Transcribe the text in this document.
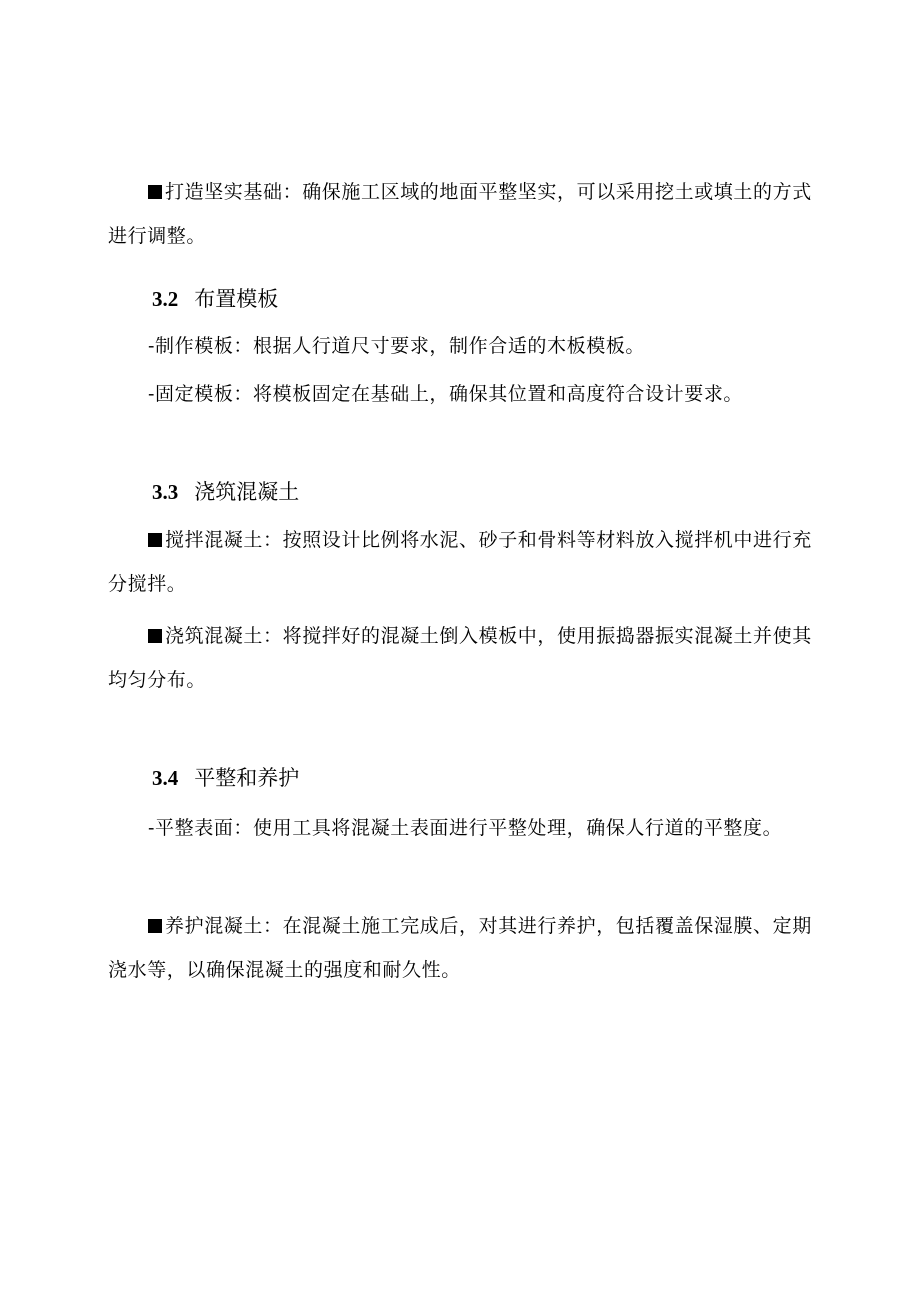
打造坚实基础：确保施工区域的地面平整坚实，可以采用挖土或填土的方式进行调整。

3.2 布置模板

-制作模板：根据人行道尺寸要求，制作合适的木板模板。

-固定模板：将模板固定在基础上，确保其位置和高度符合设计要求。

3.3 浇筑混凝土

搅拌混凝土：按照设计比例将水泥、砂子和骨料等材料放入搅拌机中进行充分搅拌。

浇筑混凝土：将搅拌好的混凝土倒入模板中，使用振捣器振实混凝土并使其均匀分布。

3.4 平整和养护

-平整表面：使用工具将混凝土表面进行平整处理，确保人行道的平整度。

养护混凝土：在混凝土施工完成后，对其进行养护，包括覆盖保湿膜、定期浇水等，以确保混凝土的强度和耐久性。
